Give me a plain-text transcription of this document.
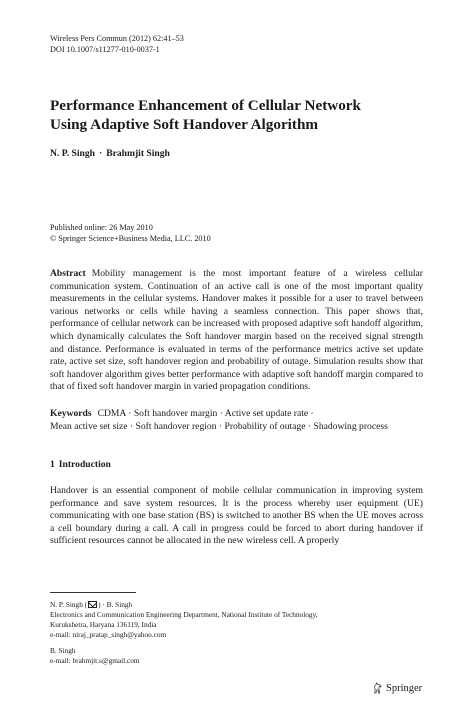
Wireless Pers Commun (2012) 62:41–53
DOI 10.1007/s11277-010-0037-1
Performance Enhancement of Cellular Network
Using Adaptive Soft Handover Algorithm
N. P. Singh · Brahmjit Singh
Published online: 26 May 2010
© Springer Science+Business Media, LLC. 2010
Abstract Mobility management is the most important feature of a wireless cellular communication system. Continuation of an active call is one of the most important quality measurements in the cellular systems. Handover makes it possible for a user to travel between various networks or cells while having a seamless connection. This paper shows that, performance of cellular network can be increased with proposed adaptive soft handoff algorithm, which dynamically calculates the Soft handover margin based on the received signal strength and distance. Performance is evaluated in terms of the performance metrics active set update rate, active set size, soft handover region and probability of outage. Simulation results show that soft handover algorithm gives better performance with adaptive soft handoff margin compared to that of fixed soft handover margin in varied propagation conditions.
Keywords CDMA · Soft handover margin · Active set update rate ·
Mean active set size · Soft handover region · Probability of outage · Shadowing process
1 Introduction
Handover is an essential component of mobile cellular communication in improving system performance and save system resources. It is the process whereby user equipment (UE) communicating with one base station (BS) is switched to another BS when the UE moves across a cell boundary during a call. A call in progress could be forced to abort during handover if sufficient resources cannot be allocated in the new wireless cell. A properly

N. P. Singh ( ) · B. Singh

Electronics and Communication Engineering Department, National Institute of Technology,

Kurukshetra, Haryana 136119, India

e-mail: niraj_pratap_singh@yahoo.com

B. Singh

e-mail: brahmjit.s@gmail.com

Springer
